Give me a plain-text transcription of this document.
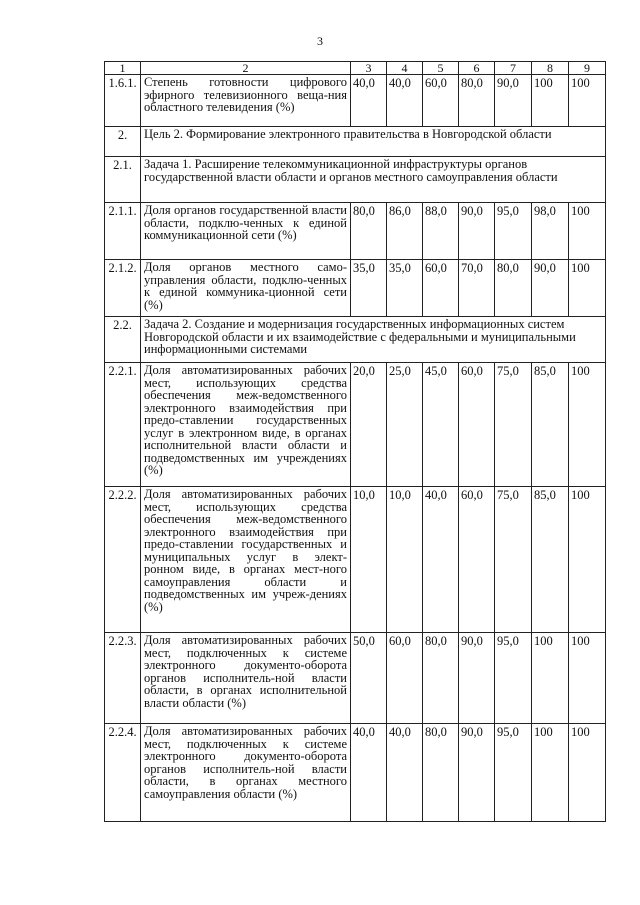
3
1	2	3	4	5	6	7	8	9
1.6.1.	Степень готовности цифрового эфирного телевизионного веща-ния областного телевидения (%)	40,0	40,0	60,0	80,0	90,0	100	100
2.	Цель 2. Формирование электронного правительства в Новгородской области							
2.1.	Задача 1. Расширение телекоммуникационной инфраструктуры органов государственной власти области и органов местного самоуправления области							
2.1.1.	Доля органов государственной власти области, подклю-ченных к единой коммуникационной сети (%)	80,0	86,0	88,0	90,0	95,0	98,0	100
2.1.2.	Доля органов местного само-управления области, подклю-ченных к единой коммуника-ционной сети (%)	35,0	35,0	60,0	70,0	80,0	90,0	100
2.2.	Задача 2. Создание и модернизация государственных информационных систем Новгородской области и их взаимодействие с федеральными и муниципальными информационными системами							
2.2.1.	Доля автоматизированных рабочих мест, использующих средства обеспечения меж-ведомственного электронного взаимодействия при предо-ставлении государственных услуг в электронном виде, в органах исполнительной власти области и подведомственных им учреждениях (%)	20,0	25,0	45,0	60,0	75,0	85,0	100
2.2.2.	Доля автоматизированных рабочих мест, использующих средства обеспечения меж-ведомственного электронного взаимодействия при предо-ставлении государственных и муниципальных услуг в элект-ронном виде, в органах мест-ного самоуправления области и подведомственных им учреж-дениях (%)	10,0	10,0	40,0	60,0	75,0	85,0	100
2.2.3.	Доля автоматизированных рабочих мест, подключенных к системе электронного документо-оборота органов исполнитель-ной власти области, в органах исполнительной власти области (%)	50,0	60,0	80,0	90,0	95,0	100	100
2.2.4.	Доля автоматизированных рабочих мест, подключенных к системе электронного документо-оборота органов исполнитель-ной власти области, в органах местного самоуправления области (%)	40,0	40,0	80,0	90,0	95,0	100	100
